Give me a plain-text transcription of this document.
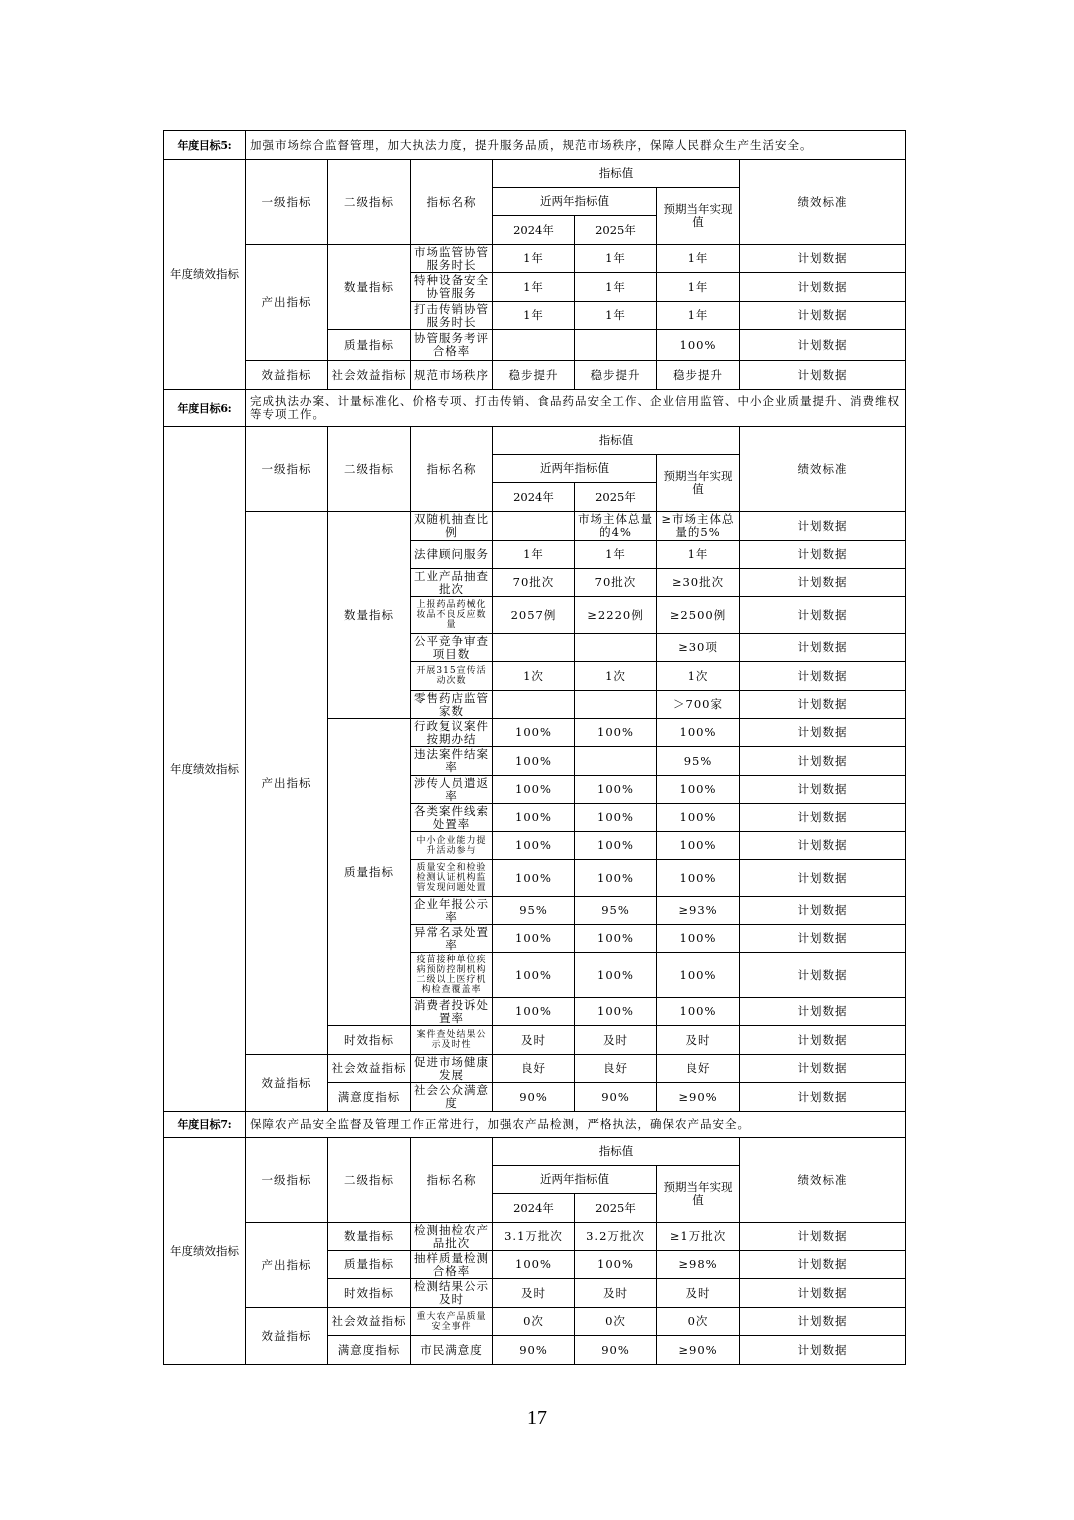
年度目标5:	加强市场综合监督管理，加大执法力度，提升服务品质，规范市场秩序，保障人民群众生产生活安全。						
年度绩效指标	一级指标	二级指标	指标名称	指标值			绩效标准
				近两年指标值		预期当年实现值	
				2024年	2025年		
	产出指标	数量指标	市场监管协管服务时长	1年	1年	1年	计划数据
			特种设备安全协管服务	1年	1年	1年	计划数据
			打击传销协管服务时长	1年	1年	1年	计划数据
		质量指标	协管服务考评合格率			100%	计划数据
	效益指标	社会效益指标	规范市场秩序	稳步提升	稳步提升	稳步提升	计划数据
年度目标6:	完成执法办案、计量标准化、价格专项、打击传销、食品药品安全工作、企业信用监管、中小企业质量提升、消费维权等专项工作。						
年度绩效指标	一级指标	二级指标	指标名称	指标值			绩效标准
				近两年指标值		预期当年实现值	
				2024年	2025年		
	产出指标	数量指标	双随机抽查比例		市场主体总量的4%	≥市场主体总量的5%	计划数据
			法律顾问服务	1年	1年	1年	计划数据
			工业产品抽查批次	70批次	70批次	≥30批次	计划数据
			上报药品药械化妆品不良反应数量	2057例	≥2220例	≥2500例	计划数据
			公平竞争审查项目数			≥30项	计划数据
			开展315宣传活动次数	1次	1次	1次	计划数据
			零售药店监管家数			＞700家	计划数据
		质量指标	行政复议案件按期办结	100%	100%	100%	计划数据
			违法案件结案率	100%		95%	计划数据
			涉传人员遣返率	100%	100%	100%	计划数据
			各类案件线索处置率	100%	100%	100%	计划数据
			中小企业能力提升活动参与	100%	100%	100%	计划数据
			质量安全和检验检测认证机构监管发现问题处置	100%	100%	100%	计划数据
			企业年报公示率	95%	95%	≥93%	计划数据
			异常名录处置率	100%	100%	100%	计划数据
			疫苗接种单位疾病预防控制机构二级以上医疗机构检查覆盖率	100%	100%	100%	计划数据
			消费者投诉处置率	100%	100%	100%	计划数据
		时效指标	案件查处结果公示及时性	及时	及时	及时	计划数据
	效益指标	社会效益指标	促进市场健康发展	良好	良好	良好	计划数据
		满意度指标	社会公众满意度	90%	90%	≥90%	计划数据
年度目标7:	保障农产品安全监督及管理工作正常进行，加强农产品检测，严格执法，确保农产品安全。						
年度绩效指标	一级指标	二级指标	指标名称	指标值			绩效标准
				近两年指标值		预期当年实现值	
				2024年	2025年		
	产出指标	数量指标	检测抽检农产品批次	3.1万批次	3.2万批次	≥1万批次	计划数据
		质量指标	抽样质量检测合格率	100%	100%	≥98%	计划数据
		时效指标	检测结果公示及时	及时	及时	及时	计划数据
	效益指标	社会效益指标	重大农产品质量安全事件	0次	0次	0次	计划数据
		满意度指标	市民满意度	90%	90%	≥90%	计划数据
17
